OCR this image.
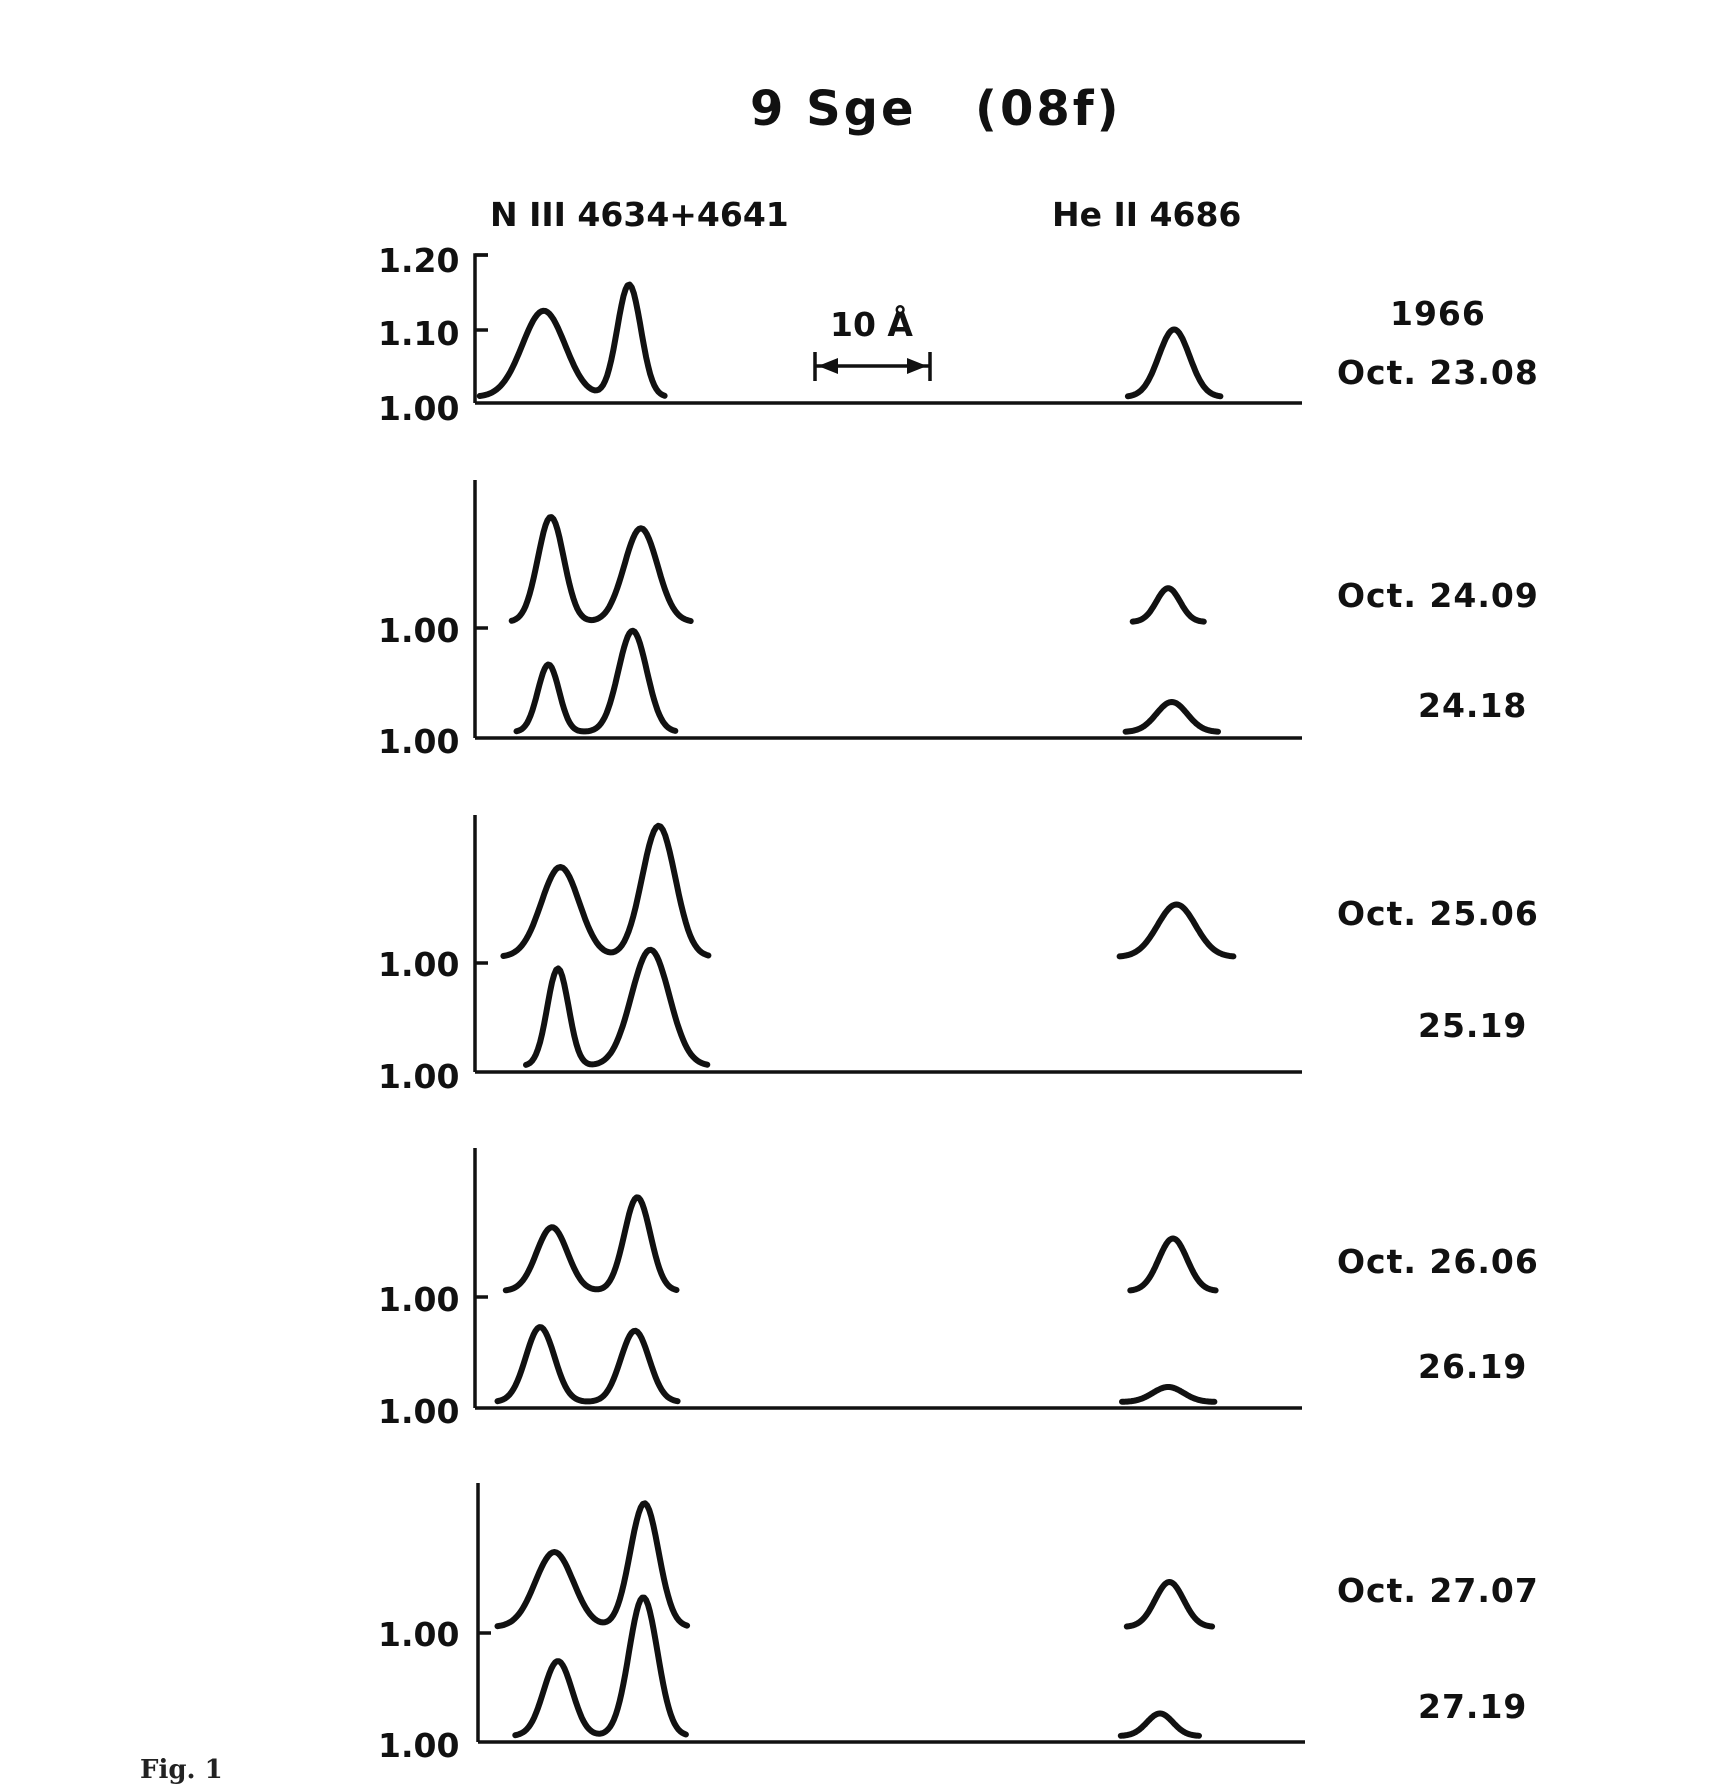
9 Sge (08f)
N III 4634+4641	He II 4686
10 Å	1966
1.20
1.10
1.00
1.00
1.00
1.00
1.00
1.00
1.00
1.00
1.00
Oct. 23.08
Oct. 24.09
24.18
Oct. 25.06
25.19
Oct. 26.06
26.19
Oct. 27.07
27.19
Fig. 1
